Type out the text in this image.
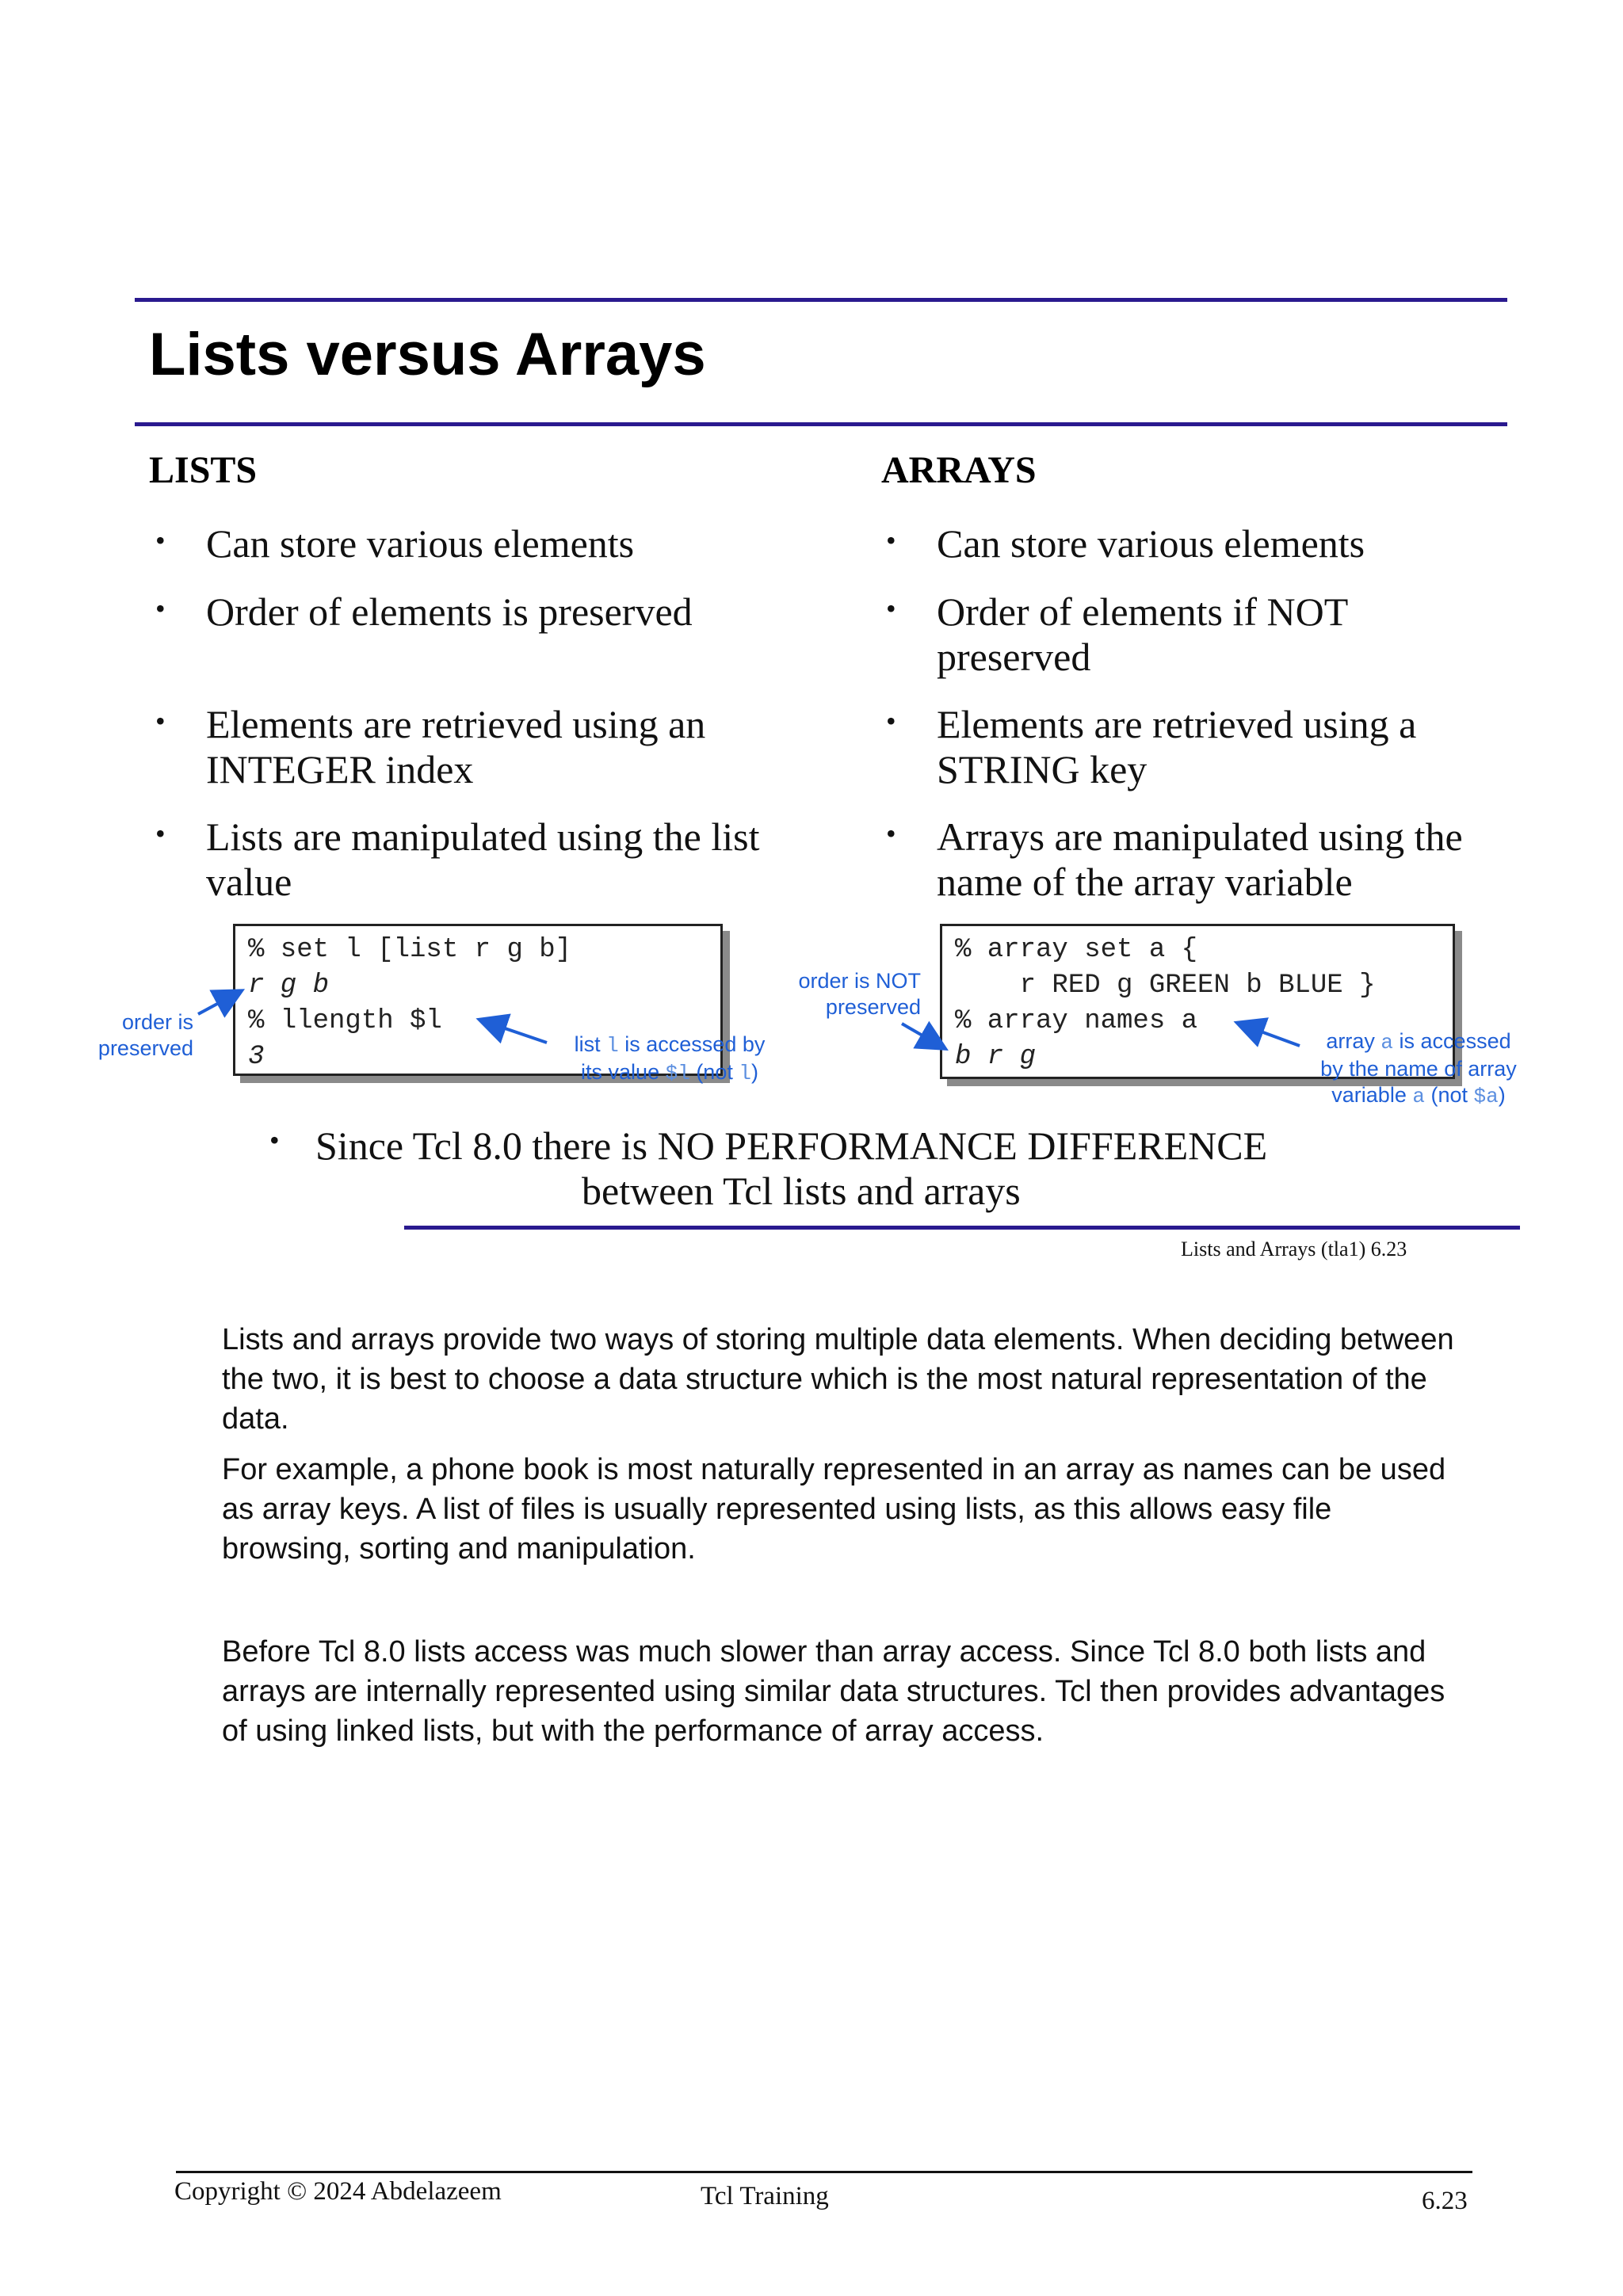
Lists versus Arrays
LISTS	ARRAYS
• Can store various elements
• Order of elements is preserved
• Elements are retrieved using an INTEGER index
• Lists are manipulated using the list value
• Can store various elements
• Order of elements if NOT preserved
• Elements are retrieved using a STRING key
• Arrays are manipulated using the name of the array variable
% set l [list r g b]
r g b
% llength $l
3
% array set a {
r RED g GREEN b BLUE }
% array names a
b r g
order is
preserved	list l is accessed by
its value $l (not l)
order is NOT
preserved
array a is accessed
by the name of array
variable a (not $a)
• Since Tcl 8.0 there is NO PERFORMANCE DIFFERENCE
between Tcl lists and arrays
Lists and Arrays (tla1) 6.23

Lists and arrays provide two ways of storing multiple data elements. When deciding between the two, it is best to choose a data structure which is the most natural representation of the data.

For example, a phone book is most naturally represented in an array as names can be used as array keys. A list of files is usually represented using lists, as this allows easy file browsing, sorting and manipulation.

Before Tcl 8.0 lists access was much slower than array access. Since Tcl 8.0 both lists and arrays are internally represented using similar data structures. Tcl then provides advantages of using linked lists, but with the performance of array access.

Copyright © 2024 Abdelazeem	Tcl Training	6.23
